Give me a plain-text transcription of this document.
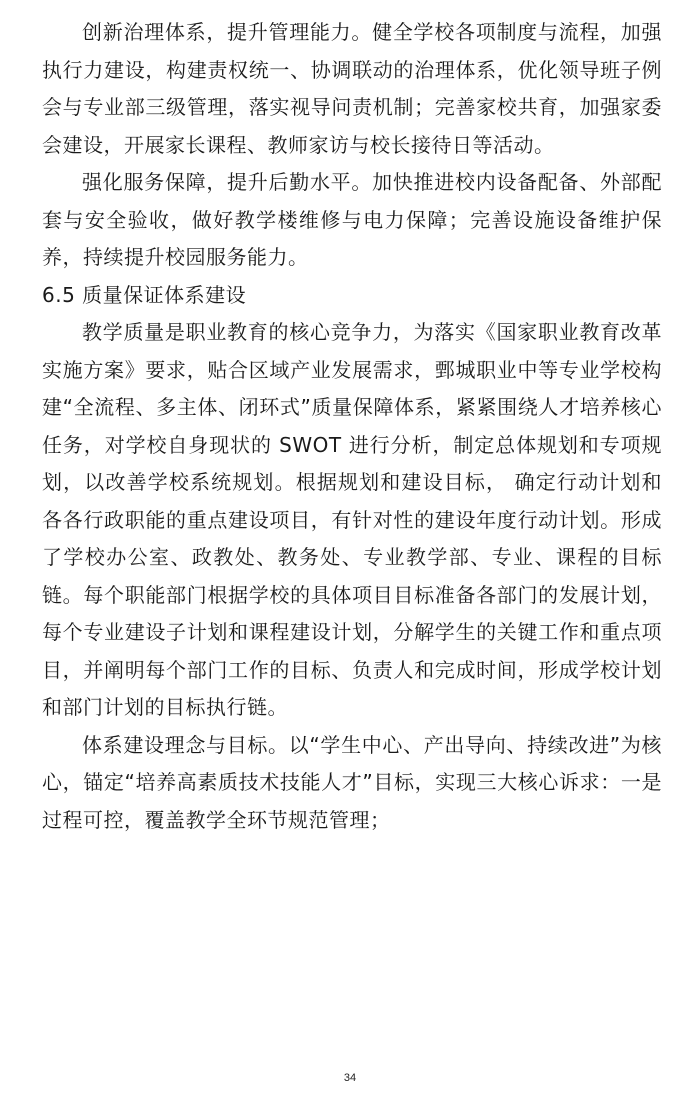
创新治理体系，提升管理能力。健全学校各项制度与流程，加强执行力建设，构建责权统一、协调联动的治理体系，优化领导班子例会与专业部三级管理，落实视导问责机制；完善家校共育，加强家委会建设，开展家长课程、教师家访与校长接待日等活动。

强化服务保障，提升后勤水平。加快推进校内设备配备、外部配套与安全验收，做好教学楼维修与电力保障；完善设施设备维护保养，持续提升校园服务能力。

6.5 质量保证体系建设

教学质量是职业教育的核心竞争力，为落实《国家职业教育改革实施方案》要求，贴合区域产业发展需求，鄄城职业中等专业学校构建“全流程、多主体、闭环式”质量保障体系，紧紧围绕人才培养核心任务，对学校自身现状的 SWOT 进行分析，制定总体规划和专项规划，以改善学校系统规划。根据规划和建设目标， 确定行动计划和各各行政职能的重点建设项目，有针对性的建设年度行动计划。形成了学校办公室、政教处、教务处、专业教学部、专业、课程的目标链。每个职能部门根据学校的具体项目目标准备各部门的发展计划，每个专业建设子计划和课程建设计划，分解学生的关键工作和重点项目，并阐明每个部门工作的目标、负责人和完成时间，形成学校计划和部门计划的目标执行链。

体系建设理念与目标。以“学生中心、产出导向、持续改进”为核心，锚定“培养高素质技术技能人才”目标，实现三大核心诉求：一是过程可控，覆盖教学全环节规范管理；

34
